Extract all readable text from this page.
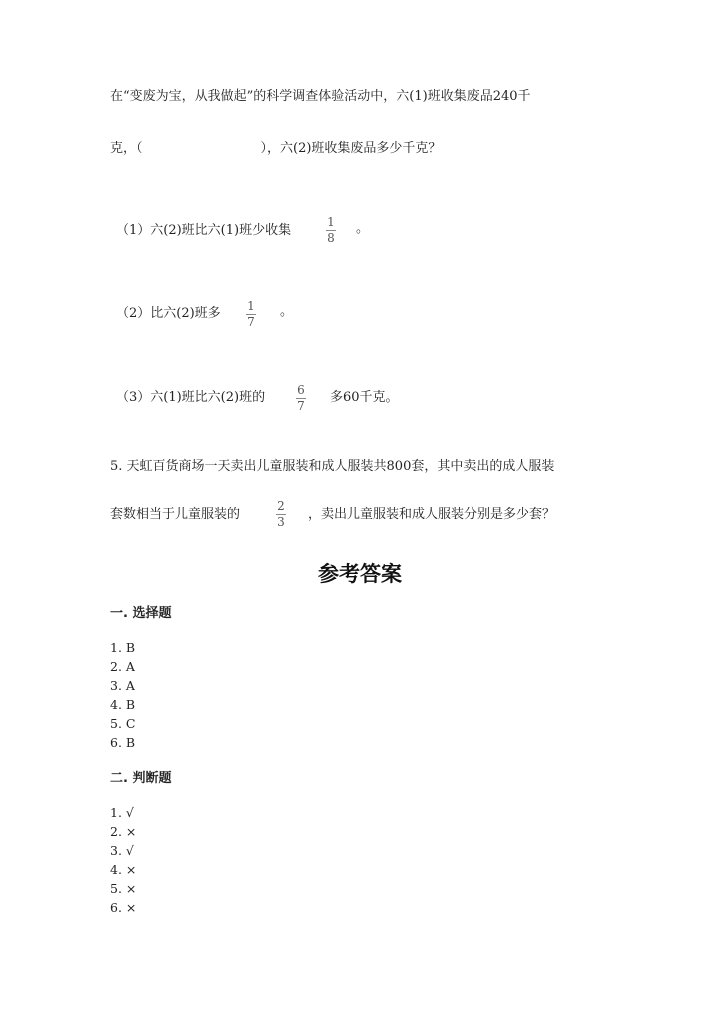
在“变废为宝，从我做起”的科学调查体验活动中，六(1)班收集废品240千
克，（	），六(2)班收集废品多少千克？
（1）六(2)班比六(1)班少收集
1
8
。
（2）比六(2)班多 1
7
。
（3）六(1)班比六(2)班的	6
7
多60千克。
5. 天虹百货商场一天卖出儿童服装和成人服装共800套，其中卖出的成人服装
套数相当于儿童服装的
2
3 ，卖出儿童服装和成人服装分别是多少套？
参考答案
一. 选择题
1. B
2. A
3. A
4. B
5. C
6. B
二. 判断题
1. √
2. ×
3. √
4. ×
5. ×
6. ×
